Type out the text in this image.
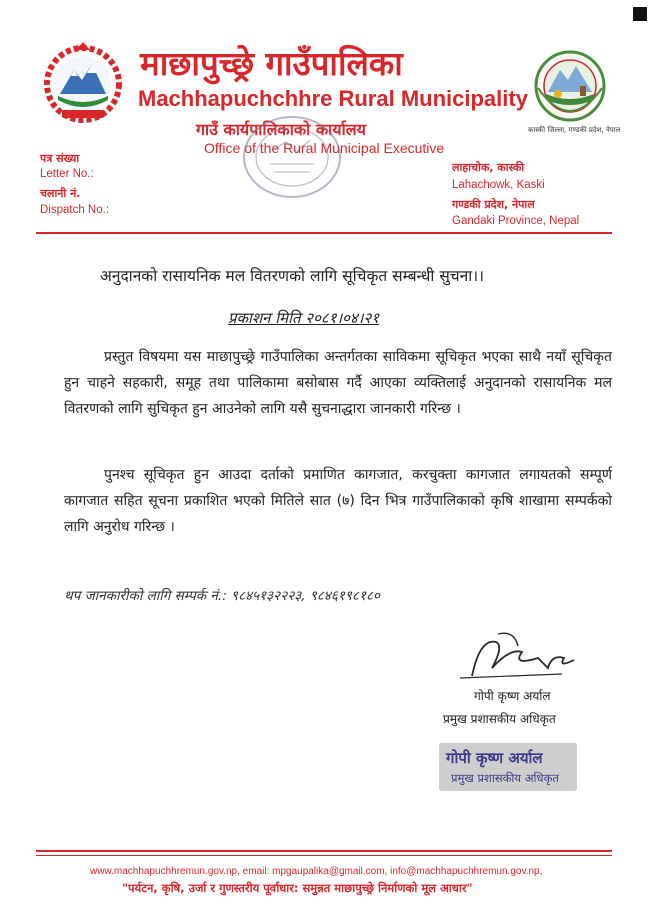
कास्की जिल्ला, गण्डकी प्रदेश, नेपाल
माछापुच्छ्रे गाउँपालिका
Machhapuchchhre Rural Municipality
गाउँ कार्यपालिकाको कार्यालय
Office of the Rural Municipal Executive
पत्र संख्या
Letter No.:
चलानी नं.
Dispatch No.:
लाहाचोक, कास्की
Lahachowk, Kaski
गण्डकी प्रदेश, नेपाल
Gandaki Province, Nepal
अनुदानको रासायनिक मल वितरणको लागि सूचिकृत सम्बन्धी सुचना।।
प्रकाशन मिति २०८१।०४।२१

प्रस्तुत विषयमा यस माछापुच्छ्रे गाउँपालिका अन्तर्गतका साविकमा सूचिकृत भएका साथै नयाँ सूचिकृत हुन चाहने सहकारी, समूह तथा पालिकामा बसोबास गर्दै आएका व्यक्तिलाई अनुदानको रासायनिक मल वितरणको लागि सुचिकृत हुन आउनेको लागि यसै सुचनाद्धारा जानकारी गरिन्छ ।

पुनश्च सूचिकृत हुन आउदा दर्ताको प्रमाणित कागजात, करचुक्ता कागजात लगायतको सम्पूर्ण कागजात सहित सूचना प्रकाशित भएको मितिले सात (७) दिन भित्र गाउँपालिकाको कृषि शाखामा सम्पर्कको लागि अनुरोध गरिन्छ ।

थप जानकारीको लागि सम्पर्क नं.: ९८४५१३२२२३, ९८४६१९८१८०
गोपी कृष्ण अर्याल
प्रमुख प्रशासकीय अधिकृत
गोपी कृष्ण अर्याल
प्रमुख प्रशासकीय अधिकृत
www.machhapuchhremun.gov.np, email: mpgaupalika@gmail.com, info@machhapuchhremun.gov.np,
"पर्यटन, कृषि, उर्जा र गुणस्तरीय पूर्वाधार: समुन्नत माछापुच्छ्रे निर्माणको मूल आधार"
